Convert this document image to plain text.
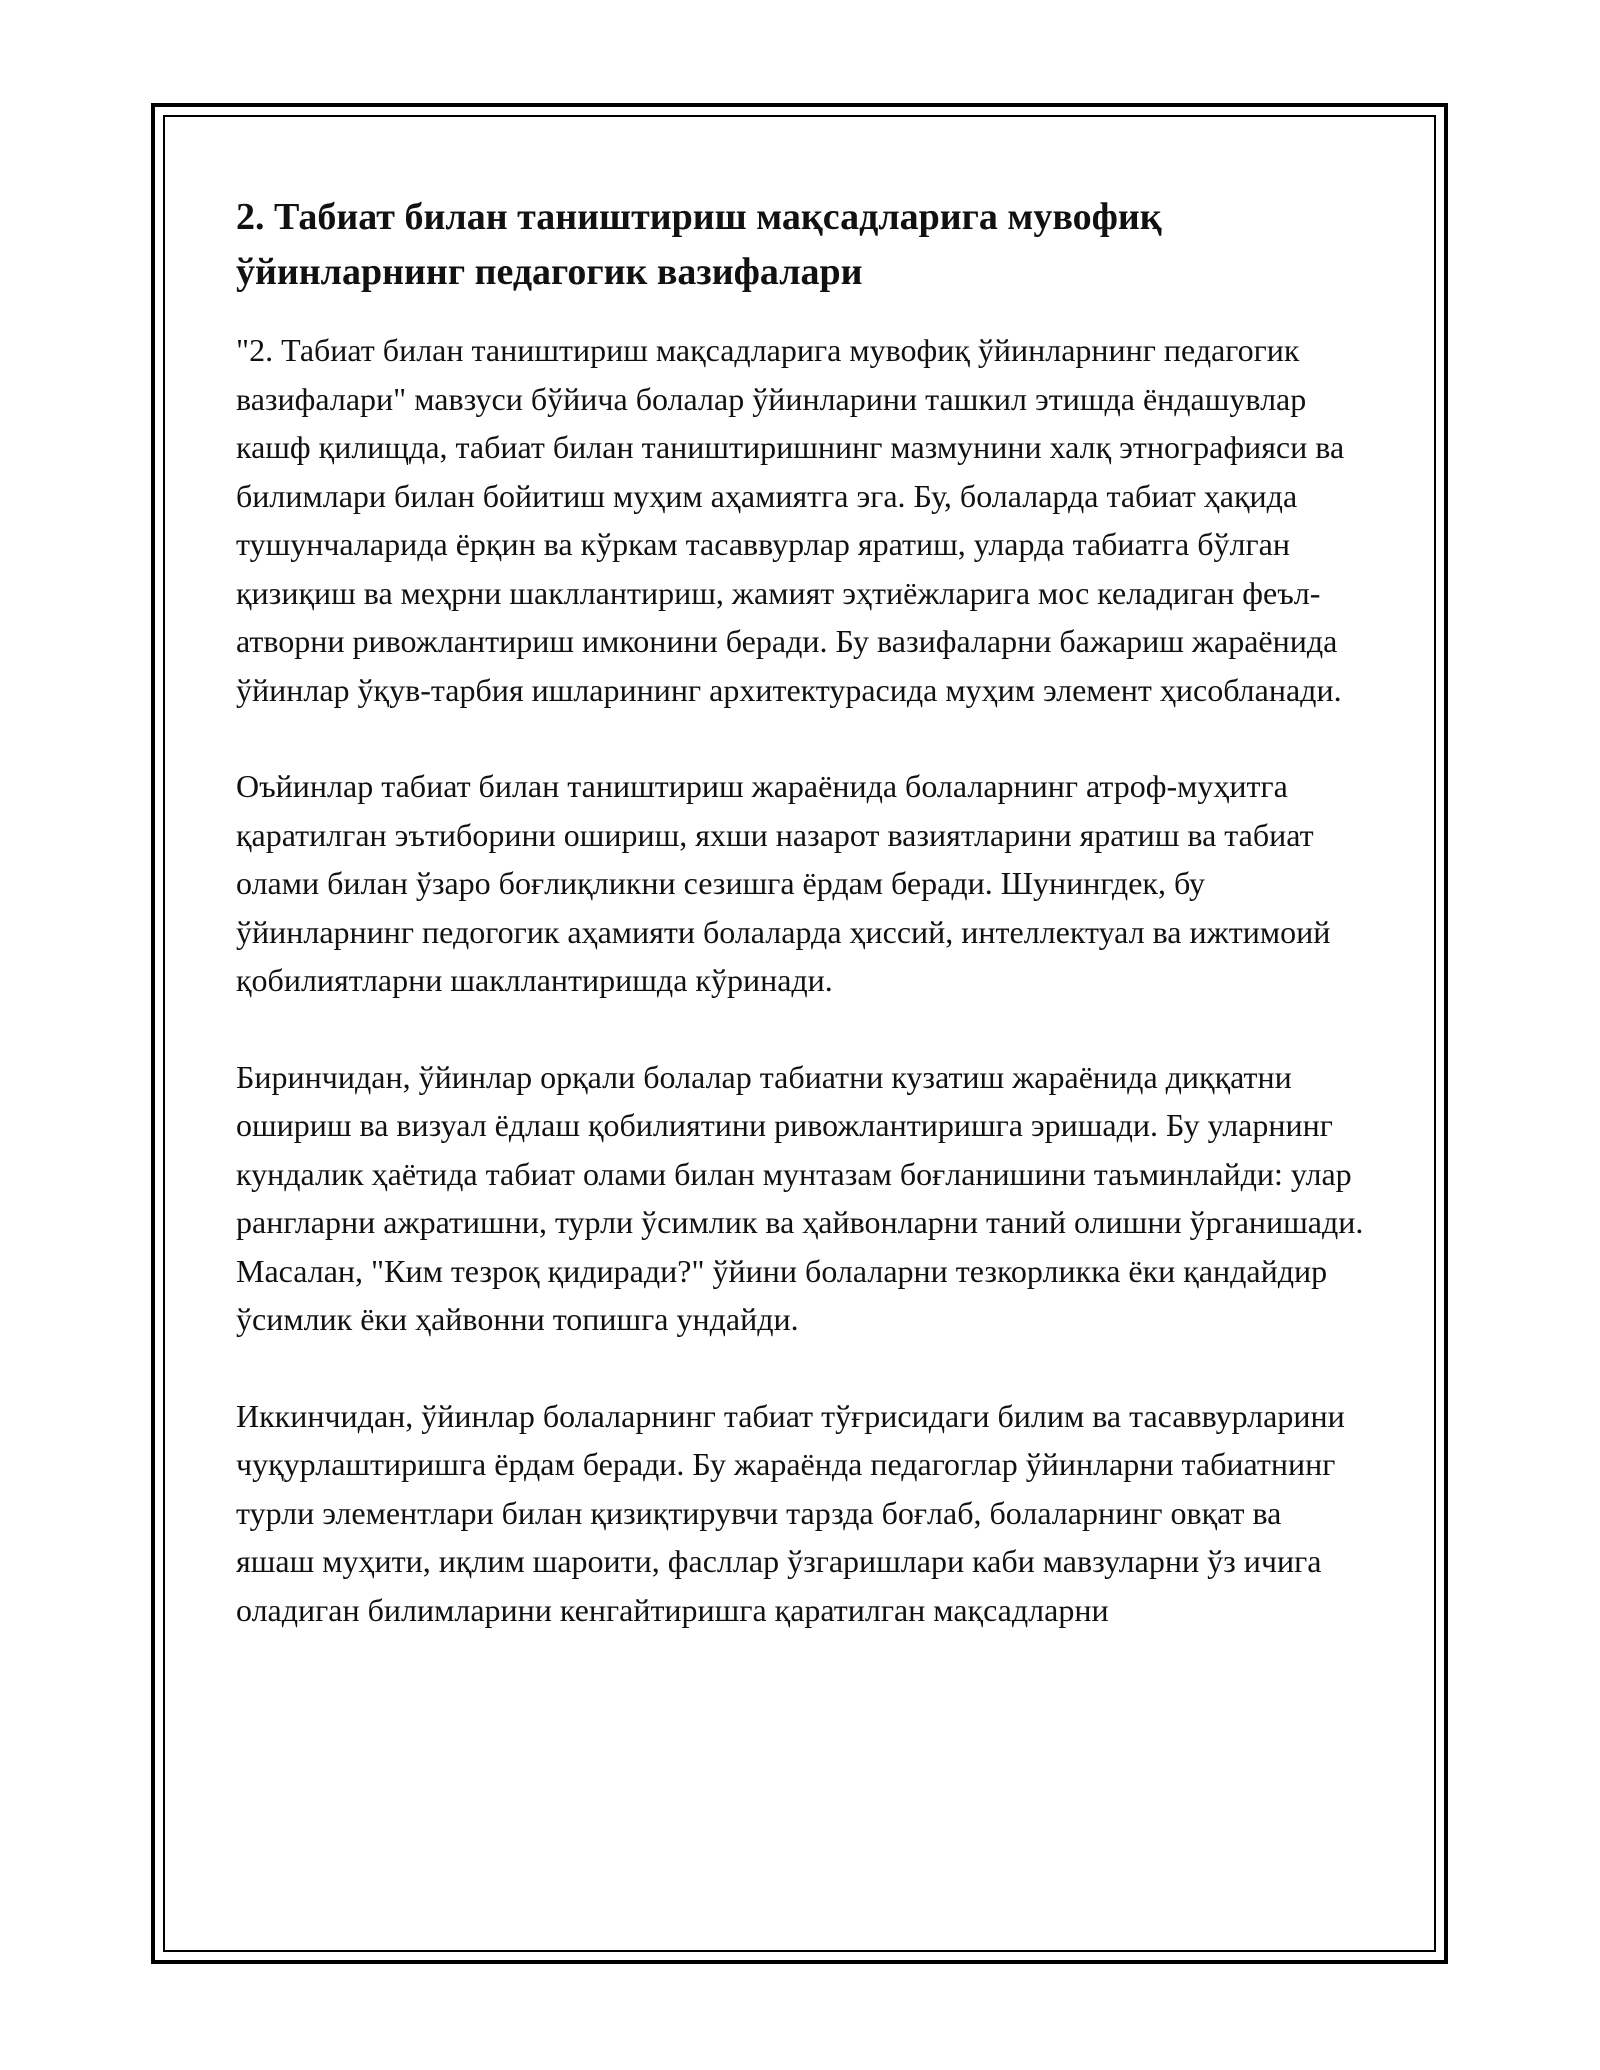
2. Табиат билан таништириш мақсадларига мувофиқ ўйинларнинг педагогик вазифалари

"2. Табиат билан таништириш мақсадларига мувофиқ ўйинларнинг педагогик вазифалари" мавзуси бўйича болалар ўйинларини ташкил этишда ёндашувлар кашф қилищда, табиат билан таништиришнинг мазмунини халқ этнографияси ва билимлари билан бойитиш муҳим аҳамиятга эга. Бу, болаларда табиат ҳақида тушунчаларида ёрқин ва кўркам тасаввурлар яратиш, уларда табиатга бўлган қизиқиш ва меҳрни шакллантириш, жамият эҳтиёжларига мос келадиган феъл-атворни ривожлантириш имконини беради. Бу вазифаларни бажариш жараёнида ўйинлар ўқув-тарбия ишларининг архитектурасида муҳим элемент ҳисобланади.

Оъйинлар табиат билан таништириш жараёнида болаларнинг атроф-муҳитга қаратилган эътиборини ошириш, яхши назарот вазиятларини яратиш ва табиат олами билан ўзаро боғлиқликни сезишга ёрдам беради. Шунингдек, бу ўйинларнинг педогогик аҳамияти болаларда ҳиссий, интеллектуал ва ижтимоий қобилиятларни шакллантиришда кўринади.

Биринчидан, ўйинлар орқали болалар табиатни кузатиш жараёнида диққатни ошириш ва визуал ёдлаш қобилиятини ривожлантиришга эришади. Бу уларнинг кундалик ҳаётида табиат олами билан мунтазам боғланишини таъминлайди: улар рангларни ажратишни, турли ўсимлик ва ҳайвонларни таний олишни ўрганишади. Масалан, "Ким тезроқ қидиради?" ўйини болаларни тезкорликка ёки қандайдир ўсимлик ёки ҳайвонни топишга ундайди.

Иккинчидан, ўйинлар болаларнинг табиат тўғрисидаги билим ва тасаввурларини чуқурлаштиришга ёрдам беради. Бу жараёнда педагоглар ўйинларни табиатнинг турли элементлари билан қизиқтирувчи тарзда боғлаб, болаларнинг овқат ва яшаш муҳити, иқлим шароити, фасллар ўзгаришлари каби мавзуларни ўз ичига оладиган билимларини кенгайтиришга қаратилган мақсадларни
